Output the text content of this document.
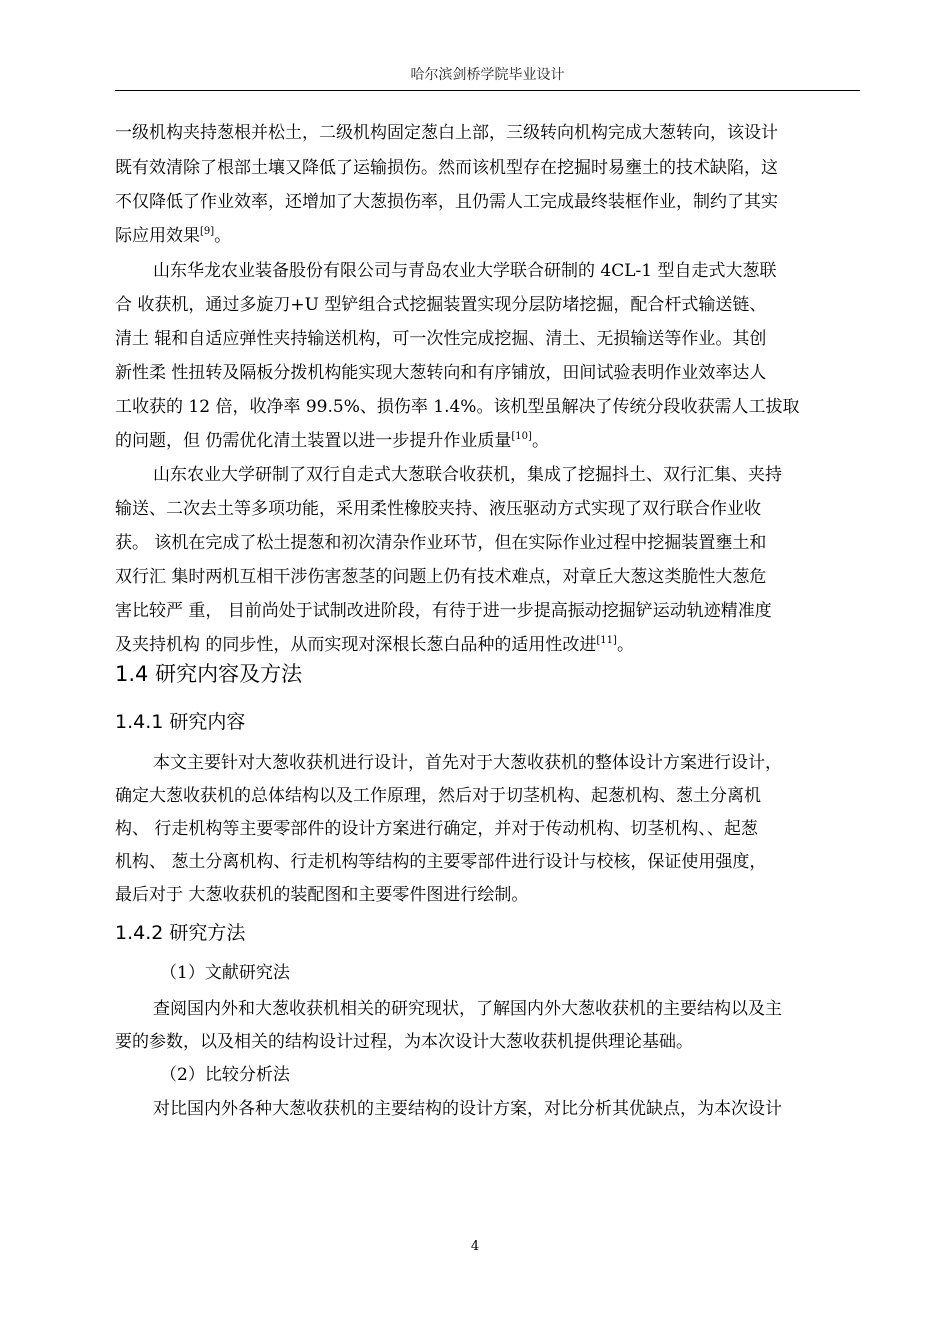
哈尔滨剑桥学院毕业设计
一级机构夹持葱根并松土，二级机构固定葱白上部，三级转向机构完成大葱转向，该设计
既有效清除了根部土壤又降低了运输损伤。然而该机型存在挖掘时易壅土的技术缺陷，这
不仅降低了作业效率，还增加了大葱损伤率，且仍需人工完成最终装框作业，制约了其实
际应用效果[9]。
山东华龙农业装备股份有限公司与青岛农业大学联合研制的 4CL-1 型自走式大葱联
合 收获机，通过多旋刀+U 型铲组合式挖掘装置实现分层防堵挖掘，配合杆式输送链、
清土 辊和自适应弹性夹持输送机构，可一次性完成挖掘、清土、无损输送等作业。其创
新性柔 性扭转及隔板分拨机构能实现大葱转向和有序铺放，田间试验表明作业效率达人
工收获的 12 倍，收净率 99.5%、损伤率 1.4%。该机型虽解决了传统分段收获需人工拔取
的问题，但 仍需优化清土装置以进一步提升作业质量[10]。
山东农业大学研制了双行自走式大葱联合收获机，集成了挖掘抖土、双行汇集、夹持
输送、二次去土等多项功能，采用柔性橡胶夹持、液压驱动方式实现了双行联合作业收
获。 该机在完成了松土提葱和初次清杂作业环节，但在实际作业过程中挖掘装置壅土和
双行汇 集时两机互相干涉伤害葱茎的问题上仍有技术难点，对章丘大葱这类脆性大葱危
害比较严 重， 目前尚处于试制改进阶段，有待于进一步提高振动挖掘铲运动轨迹精准度
及夹持机构 的同步性，从而实现对深根长葱白品种的适用性改进[11]。
1.4 研究内容及方法
1.4.1 研究内容
本文主要针对大葱收获机进行设计，首先对于大葱收获机的整体设计方案进行设计，
确定大葱收获机的总体结构以及工作原理，然后对于切茎机构、起葱机构、葱土分离机
构、 行走机构等主要零部件的设计方案进行确定，并对于传动机构、切茎机构、、起葱
机构、 葱土分离机构、行走机构等结构的主要零部件进行设计与校核，保证使用强度，
最后对于 大葱收获机的装配图和主要零件图进行绘制。
1.4.2 研究方法
（1）文献研究法
查阅国内外和大葱收获机相关的研究现状，了解国内外大葱收获机的主要结构以及主
要的参数，以及相关的结构设计过程，为本次设计大葱收获机提供理论基础。
（2）比较分析法
对比国内外各种大葱收获机的主要结构的设计方案，对比分析其优缺点，为本次设计
4
